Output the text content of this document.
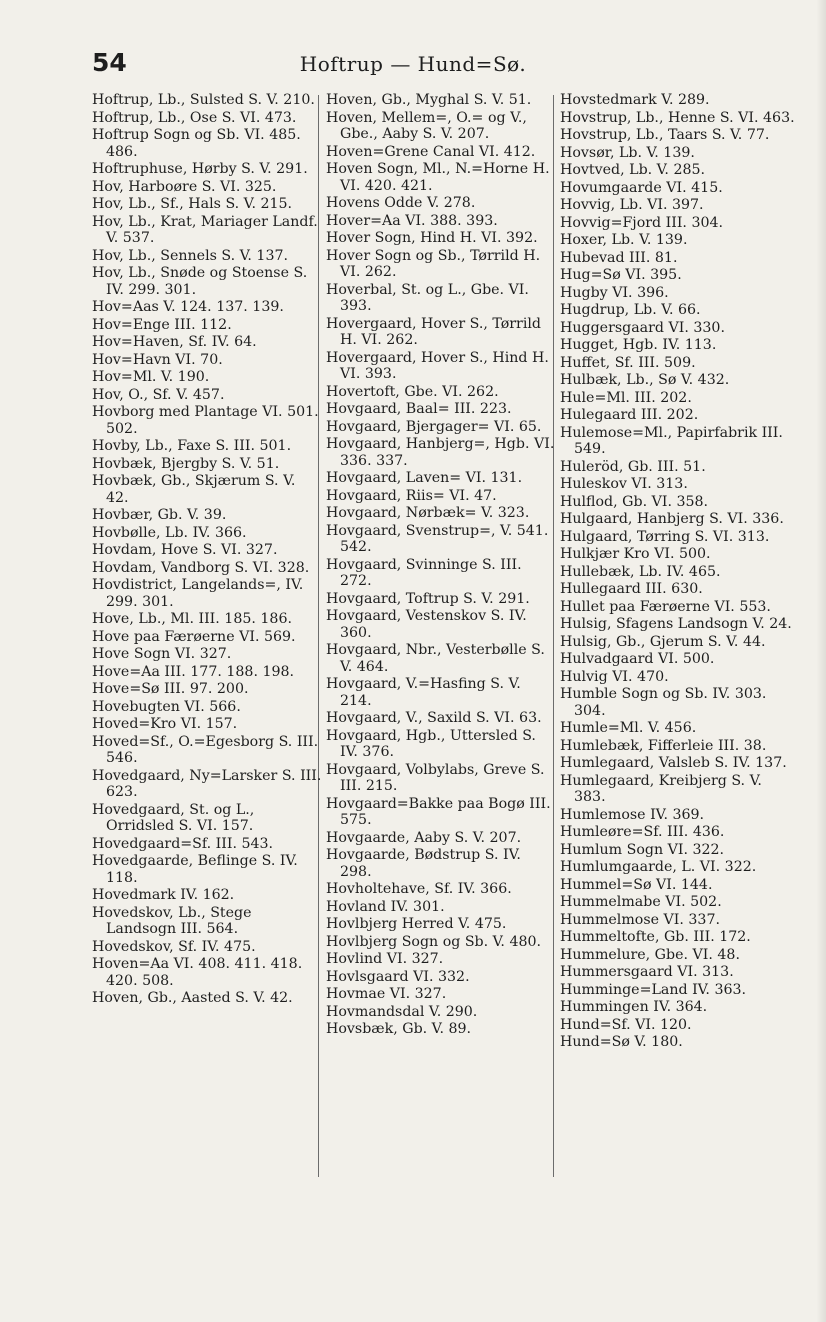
54	Hoftrup — Hund=Sø.

Hoftrup, Lb., Sulsted S. V. 210.

Hoftrup, Lb., Ose S. VI. 473.

Hoftrup Sogn og Sb. VI. 485. 486.

Hoftruphuse, Hørby S. V. 291.

Hov, Harboøre S. VI. 325.

Hov, Lb., Sf., Hals S. V. 215.

Hov, Lb., Krat, Mariager Landf. V. 537.

Hov, Lb., Sennels S. V. 137.

Hov, Lb., Snøde og Stoense S. IV. 299. 301.

Hov=Aas V. 124. 137. 139.

Hov=Enge III. 112.

Hov=Haven, Sf. IV. 64.

Hov=Havn VI. 70.

Hov=Ml. V. 190.

Hov, O., Sf. V. 457.

Hovborg med Plantage VI. 501. 502.

Hovby, Lb., Faxe S. III. 501.

Hovbæk, Bjergby S. V. 51.

Hovbæk, Gb., Skjærum S. V. 42.

Hovbær, Gb. V. 39.

Hovbølle, Lb. IV. 366.

Hovdam, Hove S. VI. 327.

Hovdam, Vandborg S. VI. 328.

Hovdistrict, Langelands=, IV. 299. 301.

Hove, Lb., Ml. III. 185. 186.

Hove paa Færøerne VI. 569.

Hove Sogn VI. 327.

Hove=Aa III. 177. 188. 198.

Hove=Sø III. 97. 200.

Hovebugten VI. 566.

Hoved=Kro VI. 157.

Hoved=Sf., O.=Egesborg S. III. 546.

Hovedgaard, Ny=Larsker S. III. 623.

Hovedgaard, St. og L., Orridsled S. VI. 157.

Hovedgaard=Sf. III. 543.

Hovedgaarde, Beflinge S. IV. 118.

Hovedmark IV. 162.

Hovedskov, Lb., Stege Landsogn III. 564.

Hovedskov, Sf. IV. 475.

Hoven=Aa VI. 408. 411. 418. 420. 508.

Hoven, Gb., Aasted S. V. 42.

Hoven, Gb., Myghal S. V. 51.

Hoven, Mellem=, O.= og V., Gbe., Aaby S. V. 207.

Hoven=Grene Canal VI. 412.

Hoven Sogn, Ml., N.=Horne H. VI. 420. 421.

Hovens Odde V. 278.

Hover=Aa VI. 388. 393.

Hover Sogn, Hind H. VI. 392.

Hover Sogn og Sb., Tørrild H. VI. 262.

Hoverbal, St. og L., Gbe. VI. 393.

Hovergaard, Hover S., Tørrild H. VI. 262.

Hovergaard, Hover S., Hind H. VI. 393.

Hovertoft, Gbe. VI. 262.

Hovgaard, Baal= III. 223.

Hovgaard, Bjergager= VI. 65.

Hovgaard, Hanbjerg=, Hgb. VI. 336. 337.

Hovgaard, Laven= VI. 131.

Hovgaard, Riis= VI. 47.

Hovgaard, Nørbæk= V. 323.

Hovgaard, Svenstrup=, V. 541. 542.

Hovgaard, Svinninge S. III. 272.

Hovgaard, Toftrup S. V. 291.

Hovgaard, Vestenskov S. IV. 360.

Hovgaard, Nbr., Vesterbølle S. V. 464.

Hovgaard, V.=Hasfing S. V. 214.

Hovgaard, V., Saxild S. VI. 63.

Hovgaard, Hgb., Uttersled S. IV. 376.

Hovgaard, Volbylabs, Greve S. III. 215.

Hovgaard=Bakke paa Bogø III. 575.

Hovgaarde, Aaby S. V. 207.

Hovgaarde, Bødstrup S. IV. 298.

Hovholtehave, Sf. IV. 366.

Hovland IV. 301.

Hovlbjerg Herred V. 475.

Hovlbjerg Sogn og Sb. V. 480.

Hovlind VI. 327.

Hovlsgaard VI. 332.

Hovmae VI. 327.

Hovmandsdal V. 290.

Hovsbæk, Gb. V. 89.

Hovstedmark V. 289.

Hovstrup, Lb., Henne S. VI. 463.

Hovstrup, Lb., Taars S. V. 77.

Hovsør, Lb. V. 139.

Hovtved, Lb. V. 285.

Hovumgaarde VI. 415.

Hovvig, Lb. VI. 397.

Hovvig=Fjord III. 304.

Hoxer, Lb. V. 139.

Hubevad III. 81.

Hug=Sø VI. 395.

Hugby VI. 396.

Hugdrup, Lb. V. 66.

Huggersgaard VI. 330.

Hugget, Hgb. IV. 113.

Huffet, Sf. III. 509.

Hulbæk, Lb., Sø V. 432.

Hule=Ml. III. 202.

Hulegaard III. 202.

Hulemose=Ml., Papirfabrik III. 549.

Huleröd, Gb. III. 51.

Huleskov VI. 313.

Hulflod, Gb. VI. 358.

Hulgaard, Hanbjerg S. VI. 336.

Hulgaard, Tørring S. VI. 313.

Hulkjær Kro VI. 500.

Hullebæk, Lb. IV. 465.

Hullegaard III. 630.

Hullet paa Færøerne VI. 553.

Hulsig, Sfagens Landsogn V. 24.

Hulsig, Gb., Gjerum S. V. 44.

Hulvadgaard VI. 500.

Hulvig VI. 470.

Humble Sogn og Sb. IV. 303. 304.

Humle=Ml. V. 456.

Humlebæk, Fifferleie III. 38.

Humlegaard, Valsleb S. IV. 137.

Humlegaard, Kreibjerg S. V. 383.

Humlemose IV. 369.

Humleøre=Sf. III. 436.

Humlum Sogn VI. 322.

Humlumgaarde, L. VI. 322.

Hummel=Sø VI. 144.

Hummelmabe VI. 502.

Hummelmose VI. 337.

Hummeltofte, Gb. III. 172.

Hummelure, Gbe. VI. 48.

Hummersgaard VI. 313.

Humminge=Land IV. 363.

Hummingen IV. 364.

Hund=Sf. VI. 120.

Hund=Sø V. 180.
